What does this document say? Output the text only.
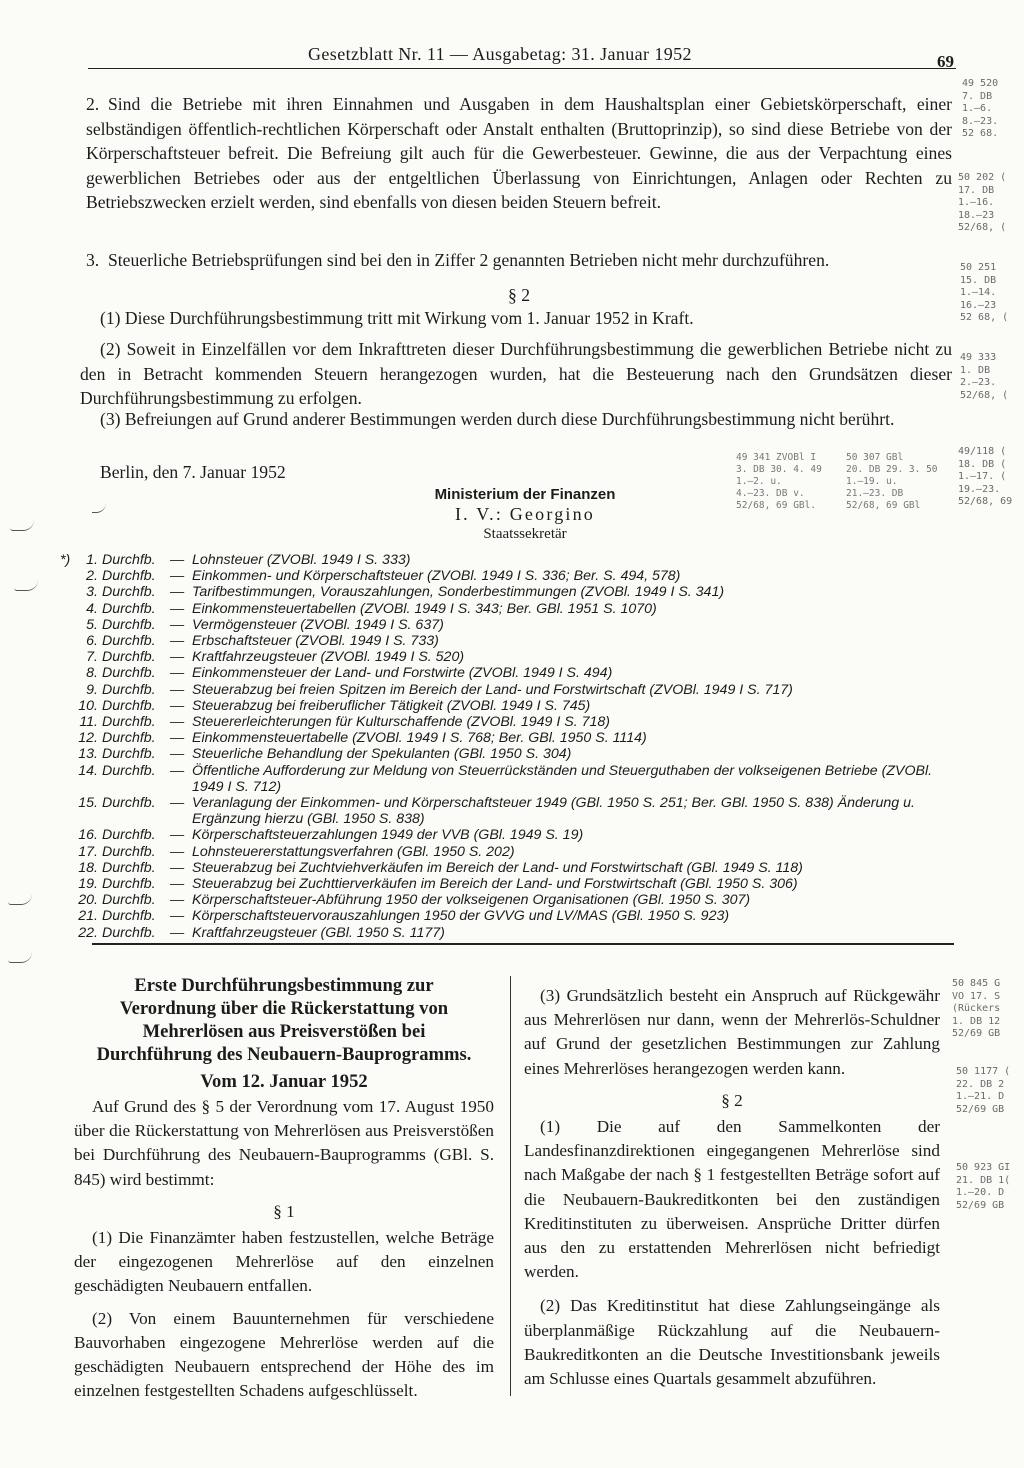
Gesetzblatt Nr. 11 — Ausgabetag: 31. Januar 1952	69
2. Sind die Betriebe mit ihren Einnahmen und Ausgaben in dem Haushaltsplan einer Gebietskörperschaft, einer selbständigen öffentlich-rechtlichen Körperschaft oder Anstalt enthalten (Bruttoprinzip), so sind diese Betriebe von der Körperschaftsteuer befreit. Die Befreiung gilt auch für die Gewerbesteuer. Gewinne, die aus der Verpachtung eines gewerblichen Betriebes oder aus der entgeltlichen Überlassung von Einrichtungen, Anlagen oder Rechten zu Betriebszwecken erzielt werden, sind ebenfalls von diesen beiden Steuern befreit.
3. Steuerliche Betriebsprüfungen sind bei den in Ziffer 2 genannten Betrieben nicht mehr durchzuführen.
§ 2
(1) Diese Durchführungsbestimmung tritt mit Wirkung vom 1. Januar 1952 in Kraft.
(2) Soweit in Einzelfällen vor dem Inkrafttreten dieser Durchführungsbestimmung die gewerblichen Betriebe nicht zu den in Betracht kommenden Steuern herangezogen wurden, hat die Besteuerung nach den Grundsätzen dieser Durchführungsbestimmung zu erfolgen.
(3) Befreiungen auf Grund anderer Bestimmungen werden durch diese Durchführungsbestimmung nicht berührt.
Berlin, den 7. Januar 1952
Ministerium der Finanzen
I. V.: Georgino
Staatssekretär
49 341 ZVOBl I
3. DB 30. 4. 49
1.—2. u.
4.—23. DB v.
52/68, 69 GBl.
50 307 GBl
20. DB 29. 3. 50
1.—19. u.
21.—23. DB
52/68, 69 GBl
*)	1. Durchfb.	— Lohnsteuer (ZVOBl. 1949 I S. 333)
2. Durchfb.	— Einkommen- und Körperschaftsteuer (ZVOBl. 1949 I S. 336; Ber. S. 494, 578)
3. Durchfb.	— Tarifbestimmungen, Vorauszahlungen, Sonderbestimmungen (ZVOBl. 1949 I S. 341)
4. Durchfb.	— Einkommensteuertabellen (ZVOBl. 1949 I S. 343; Ber. GBl. 1951 S. 1070)
5. Durchfb.	— Vermögensteuer (ZVOBl. 1949 I S. 637)
6. Durchfb.	— Erbschaftsteuer (ZVOBl. 1949 I S. 733)
7. Durchfb.	— Kraftfahrzeugsteuer (ZVOBl. 1949 I S. 520)
8. Durchfb.	— Einkommensteuer der Land- und Forstwirte (ZVOBl. 1949 I S. 494)
9. Durchfb.	— Steuerabzug bei freien Spitzen im Bereich der Land- und Forstwirtschaft (ZVOBl. 1949 I S. 717)
10. Durchfb.	— Steuerabzug bei freiberuflicher Tätigkeit (ZVOBl. 1949 I S. 745)
11. Durchfb.	— Steuererleichterungen für Kulturschaffende (ZVOBl. 1949 I S. 718)
12. Durchfb.	— Einkommensteuertabelle (ZVOBl. 1949 I S. 768; Ber. GBl. 1950 S. 1114)
13. Durchfb.	— Steuerliche Behandlung der Spekulanten (GBl. 1950 S. 304)
14. Durchfb.	— Öffentliche Aufforderung zur Meldung von Steuerrückständen und Steuerguthaben der volkseigenen Betriebe (ZVOBl. 1949 I S. 712)
15. Durchfb.	— Veranlagung der Einkommen- und Körperschaftsteuer 1949 (GBl. 1950 S. 251; Ber. GBl. 1950 S. 838) Änderung u. Ergänzung hierzu (GBl. 1950 S. 838)
16. Durchfb.	— Körperschaftsteuerzahlungen 1949 der VVB (GBl. 1949 S. 19)
17. Durchfb.	— Lohnsteuererstattungsverfahren (GBl. 1950 S. 202)
18. Durchfb.	— Steuerabzug bei Zuchtviehverkäufen im Bereich der Land- und Forstwirtschaft (GBl. 1949 S. 118)
19. Durchfb.	— Steuerabzug bei Zuchttierverkäufen im Bereich der Land- und Forstwirtschaft (GBl. 1950 S. 306)
20. Durchfb.	— Körperschaftsteuer-Abführung 1950 der volkseigenen Organisationen (GBl. 1950 S. 307)
21. Durchfb.	— Körperschaftsteuervorauszahlungen 1950 der GVVG und LV/MAS (GBl. 1950 S. 923)
22. Durchfb.	— Kraftfahrzeugsteuer (GBl. 1950 S. 1177)
Erste Durchführungsbestimmung zur Verordnung über die Rückerstattung von Mehrerlösen aus Preisverstößen bei Durchführung des Neubauern-Bauprogramms.
Vom 12. Januar 1952

Auf Grund des § 5 der Verordnung vom 17. August 1950 über die Rückerstattung von Mehrerlösen aus Preisverstößen bei Durchführung des Neubauern-Bauprogramms (GBl. S. 845) wird bestimmt:

§ 1

(1) Die Finanzämter haben festzustellen, welche Beträge der eingezogenen Mehrerlöse auf den einzelnen geschädigten Neubauern entfallen.

(2) Von einem Bauunternehmen für verschiedene Bauvorhaben eingezogene Mehrerlöse werden auf die geschädigten Neubauern entsprechend der Höhe des im einzelnen festgestellten Schadens aufgeschlüsselt.

(3) Grundsätzlich besteht ein Anspruch auf Rückgewähr aus Mehrerlösen nur dann, wenn der Mehrerlös-Schuldner auf Grund der gesetzlichen Bestimmungen zur Zahlung eines Mehrerlöses herangezogen werden kann.

§ 2

(1) Die auf den Sammelkonten der Landesfinanzdirektionen eingegangenen Mehrerlöse sind nach Maßgabe der nach § 1 festgestellten Beträge sofort auf die Neubauern-Baukreditkonten bei den zuständigen Kreditinstituten zu überweisen. Ansprüche Dritter dürfen aus den zu erstattenden Mehrerlösen nicht befriedigt werden.

(2) Das Kreditinstitut hat diese Zahlungseingänge als überplanmäßige Rückzahlung auf die Neubauern-Baukreditkonten an die Deutsche Investitionsbank jeweils am Schlusse eines Quartals gesammelt abzuführen.

49 520
7. DB
1.—6.
8.—23.
52 68.
50 202 (
17. DB
1.—16.
18.—23
52/68, (
50 251
15. DB
1.—14.
16.—23
52 68, (
49 333
1. DB
2.—23.
52/68, (
49/118 (
18. DB (
1.—17. (
19.—23.
52/68, 69
50 845 G
VO 17. S
(Rückers
1. DB 12
52/69 GB
50 1177 (
22. DB 2
1.—21. D
52/69 GB
50 923 GI
21. DB 1(
1.—20. D
52/69 GB
